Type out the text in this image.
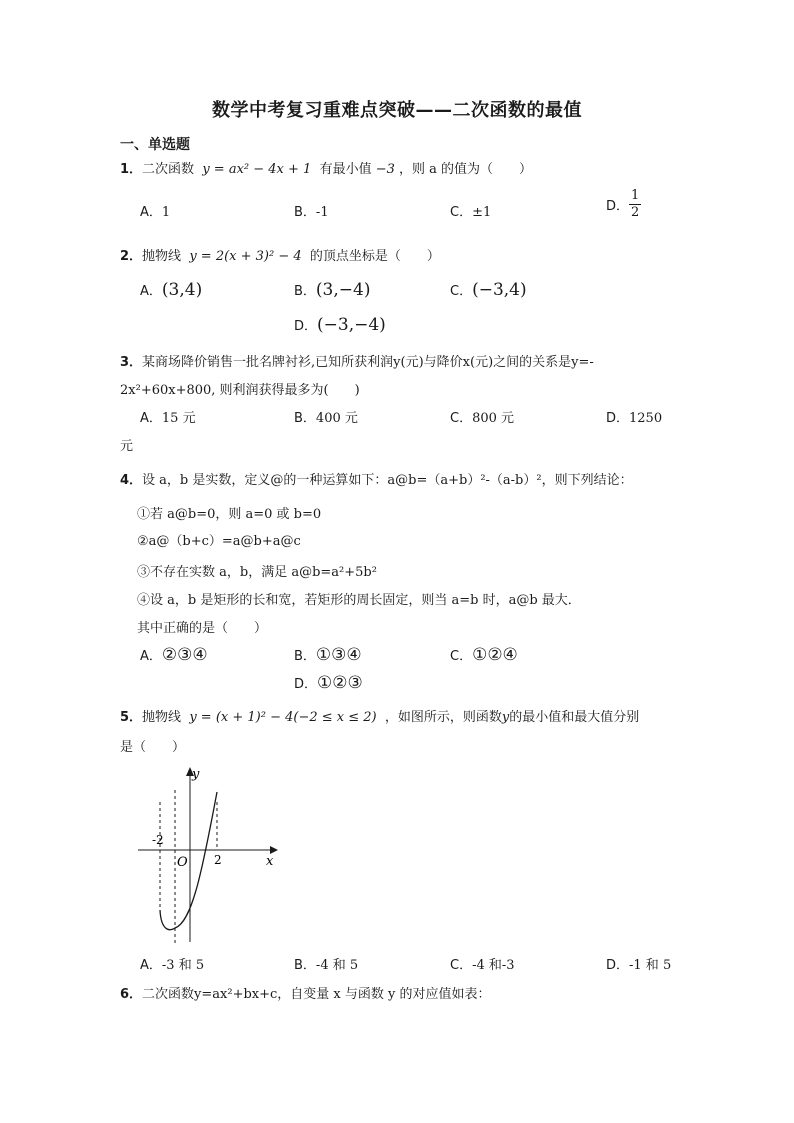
数学中考复习重难点突破——二次函数的最值
一、单选题
1．二次函数 y = ax² − 4x + 1 有最小值 −3 ，则 a 的值为（　　）
A．1	B．-1	C．±1	D． $\frac{1}{2}$
2．抛物线 y = 2(x + 3)² − 4 的顶点坐标是（　　）
A．(3,4)	B．(3,−4)	C．(−3,4)
D．(−3,−4)
3．某商场降价销售一批名牌衬衫,已知所获利润y(元)与降价x(元)之间的关系是y=-
2x²+60x+800, 则利润获得最多为(　　)
A．15 元	B．400 元	C．800 元	D．1250
元
4．设 a，b 是实数，定义@的一种运算如下：a@b=（a+b）²-（a-b）²，则下列结论：
①若 a@b=0，则 a=0 或 b=0
②a@（b+c）=a@b+a@c
③不存在实数 a，b，满足 a@b=a²+5b²
④设 a，b 是矩形的长和宽，若矩形的周长固定，则当 a=b 时，a@b 最大．
其中正确的是（　　）
A．②③④	B．①③④	C．①②④
D．①②③
5．抛物线 y = (x + 1)² − 4(−2 ≤ x ≤ 2) ，如图所示，则函数y的最小值和最大值分别
是（　　）
y
x
O
-2
2
A．-3 和 5	B．-4 和 5	C．-4 和-3	D．-1 和 5
6．二次函数y=ax²+bx+c，自变量 x 与函数 y 的对应值如表：
